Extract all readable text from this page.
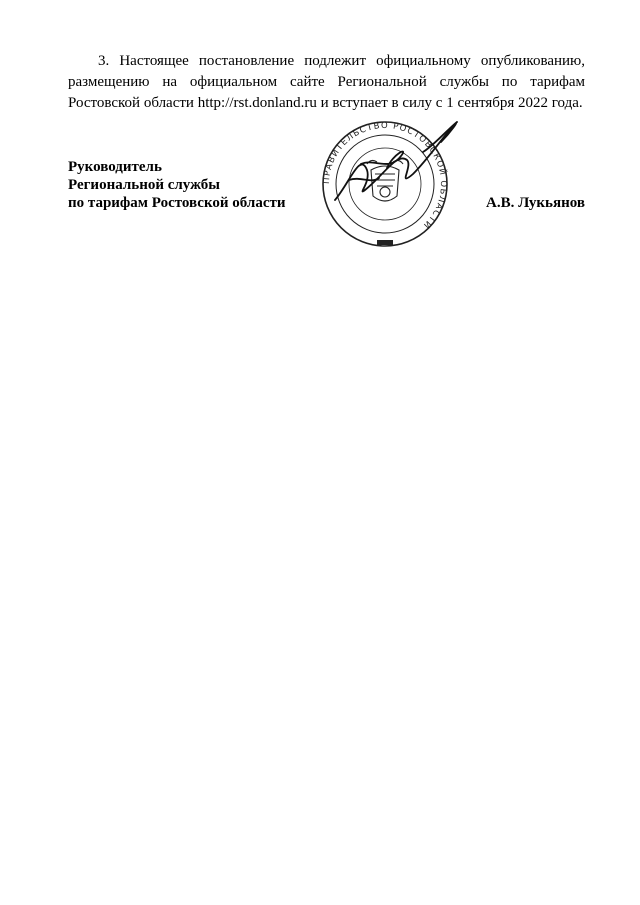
3. Настоящее постановление подлежит официальному опубликованию, размещению на официальном сайте Региональной службы по тарифам Ростовской области http://rst.donland.ru и вступает в силу с 1 сентября 2022 года.

Руководитель
Региональной службы
по тарифам Ростовской области
ПРАВИТЕЛЬСТВО РОСТОВСКОЙ ОБЛАСТИ
А.В. Лукьянов
